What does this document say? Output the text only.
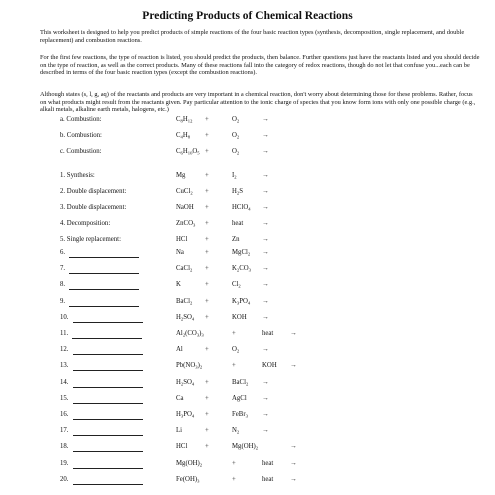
Predicting Products of Chemical Reactions

This worksheet is designed to help you predict products of simple reactions of the four basic reaction types (synthesis, decomposition, single replacement, and double replacement) and combustion reactions.

For the first few reactions, the type of reaction is listed, you should predict the products, then balance. Further questions just have the reactants listed and you should decide on the type of reaction, as well as the correct products. Many of these reactions fall into the category of redox reactions, though do not let that confuse you...each can be described in terms of the four basic reaction types (except the combustion reactions).

Although states (s, l, g, aq) of the reactants and products are very important in a chemical reaction, don't worry about determining those for these problems. Rather, focus on what products might result from the reactants given. Pay particular attention to the ionic charge of species that you know form ions with only one possible charge (e.g., alkali metals, alkaline earth metals, halogens, etc.)

a. Combustion:	$C_8H_{12}$ +	$O_2$	→
b. Combustion:	$C_4H_8$ +	$O_2$	→
c. Combustion:	$C_6H_{10}O_5$ +	$O_2$	→
1. Synthesis:	Mg	+	$I_2$	→
2. Double displacement:	CuCl$_2$ +	$H_2S$	→
3. Double displacement:	NaOH +	HClO$_4$ →
4. Decomposition:	ZnCO$_3$ +	heat	→
5. Single replacement:	HCl	+	Zn	→
6.	Na	+	MgCl$_2$ →
7.	CaCl$_2$ +	$K_2CO_3$ →
8.	K	+	$Cl_2$	→
9.	BaCl$_2$ +	$K_3PO_4$ →
10.	$H_2SO_4$ +	KOH →
11.	$Al_2(CO_3)_3$	+	heat →
12.	Al	+	$O_2$	→
13.	$Pb(NO_3)_2$	+	KOH →
14.	$H_2SO_4$ +	BaCl$_2$ →
15.	Ca	+	AgCl →
16.	$H_3PO_4$ +	FeBr$_3$ →
17.	Li	+	$N_2$	→
18.	HCl	+	$Mg(OH)_2$	→
19.	$Mg(OH)_2$	+	heat →
20.	$Fe(OH)_3$	+	heat →
